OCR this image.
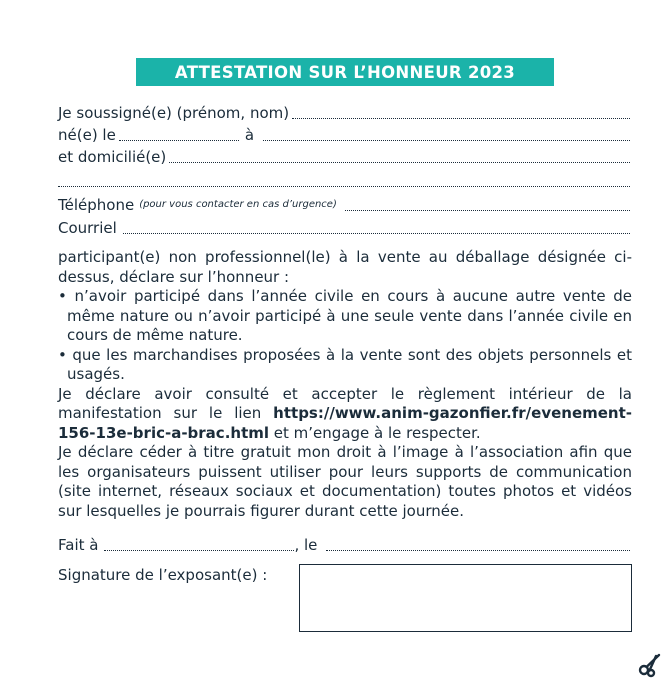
ATTESTATION SUR L’HONNEUR 2023
Je soussigné(e) (prénom, nom)
né(e) le	à
et domicilié(e)
Téléphone (pour vous contacter en cas d’urgence)
Courriel
participant(e) non professionnel(le) à la vente au déballage désignée ci-dessus, déclare sur l’honneur :
• n’avoir participé dans l’année civile en cours à aucune autre vente de même nature ou n’avoir participé à une seule vente dans l’année civile en cours de même nature.
• que les marchandises proposées à la vente sont des objets personnels et usagés.
Je déclare avoir consulté et accepter le règlement intérieur de la manifestation sur le lien https://www.anim-gazonfier.fr/evenement-156-13e-bric-a-brac.html et m’engage à le respecter.
Je déclare céder à titre gratuit mon droit à l’image à l’association afin que les organisateurs puissent utiliser pour leurs supports de communication (site internet, réseaux sociaux et documentation) toutes photos et vidéos sur lesquelles je pourrais figurer durant cette journée.
Fait à	, le
Signature de l’exposant(e) :
